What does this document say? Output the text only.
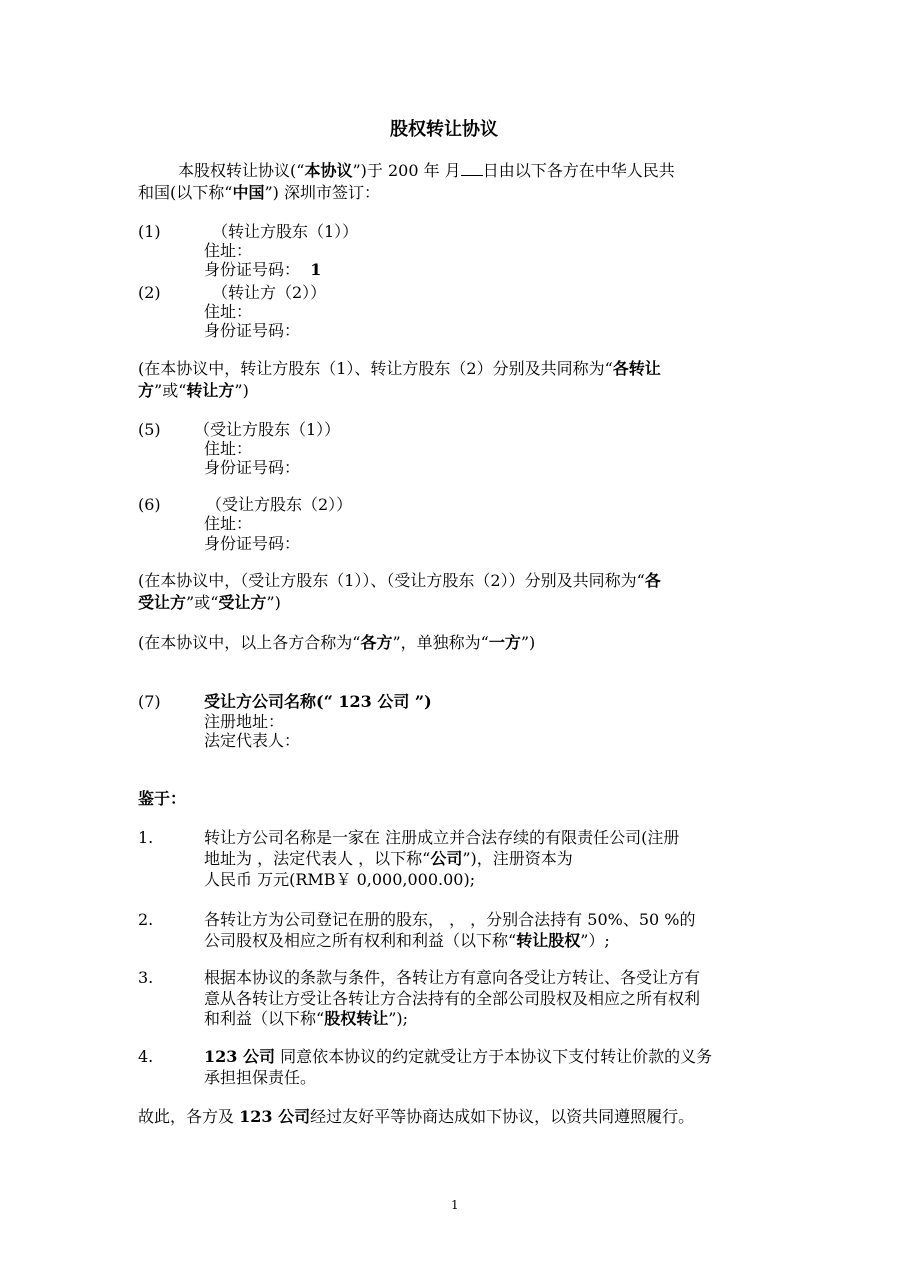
股权转让协议
本股权转让协议(“本协议”)于 200 年 月 日由以下各方在中华人民共
和国(以下称“中国”) 深圳市签订：
(1)	（转让方股东（1））
住址：
身份证号码： 1
(2)	（转让方（2））
住址：
身份证号码：
(在本协议中，转让方股东（1）、转让方股东（2）分别及共同称为“各转让
方”或“转让方”)
(5) （受让方股东（1））
住址：
身份证号码：
(6)	（受让方股东（2））
住址：
身份证号码：
(在本协议中，（受让方股东（1））、（受让方股东（2））分别及共同称为“各
受让方”或“受让方”)
(在本协议中，以上各方合称为“各方”，单独称为“一方”)
(7)	受让方公司名称(“ 123 公司 ”)
注册地址：
法定代表人：
鉴于：
1.	转让方公司名称是一家在 注册成立并合法存续的有限责任公司(注册
地址为 ，法定代表人 ，以下称“公司”)，注册资本为
人民币 万元(RMB￥ 0,000,000.00);
2.	各转让方为公司登记在册的股东， ， ，分别合法持有 50%、50 %的
公司股权及相应之所有权利和利益（以下称“转让股权”）;
3.	根据本协议的条款与条件，各转让方有意向各受让方转让、各受让方有
意从各转让方受让各转让方合法持有的全部公司股权及相应之所有权利
和利益（以下称“股权转让”);
4.	123 公司 同意依本协议的约定就受让方于本协议下支付转让价款的义务
承担担保责任。
故此，各方及 123 公司经过友好平等协商达成如下协议，以资共同遵照履行。
1
